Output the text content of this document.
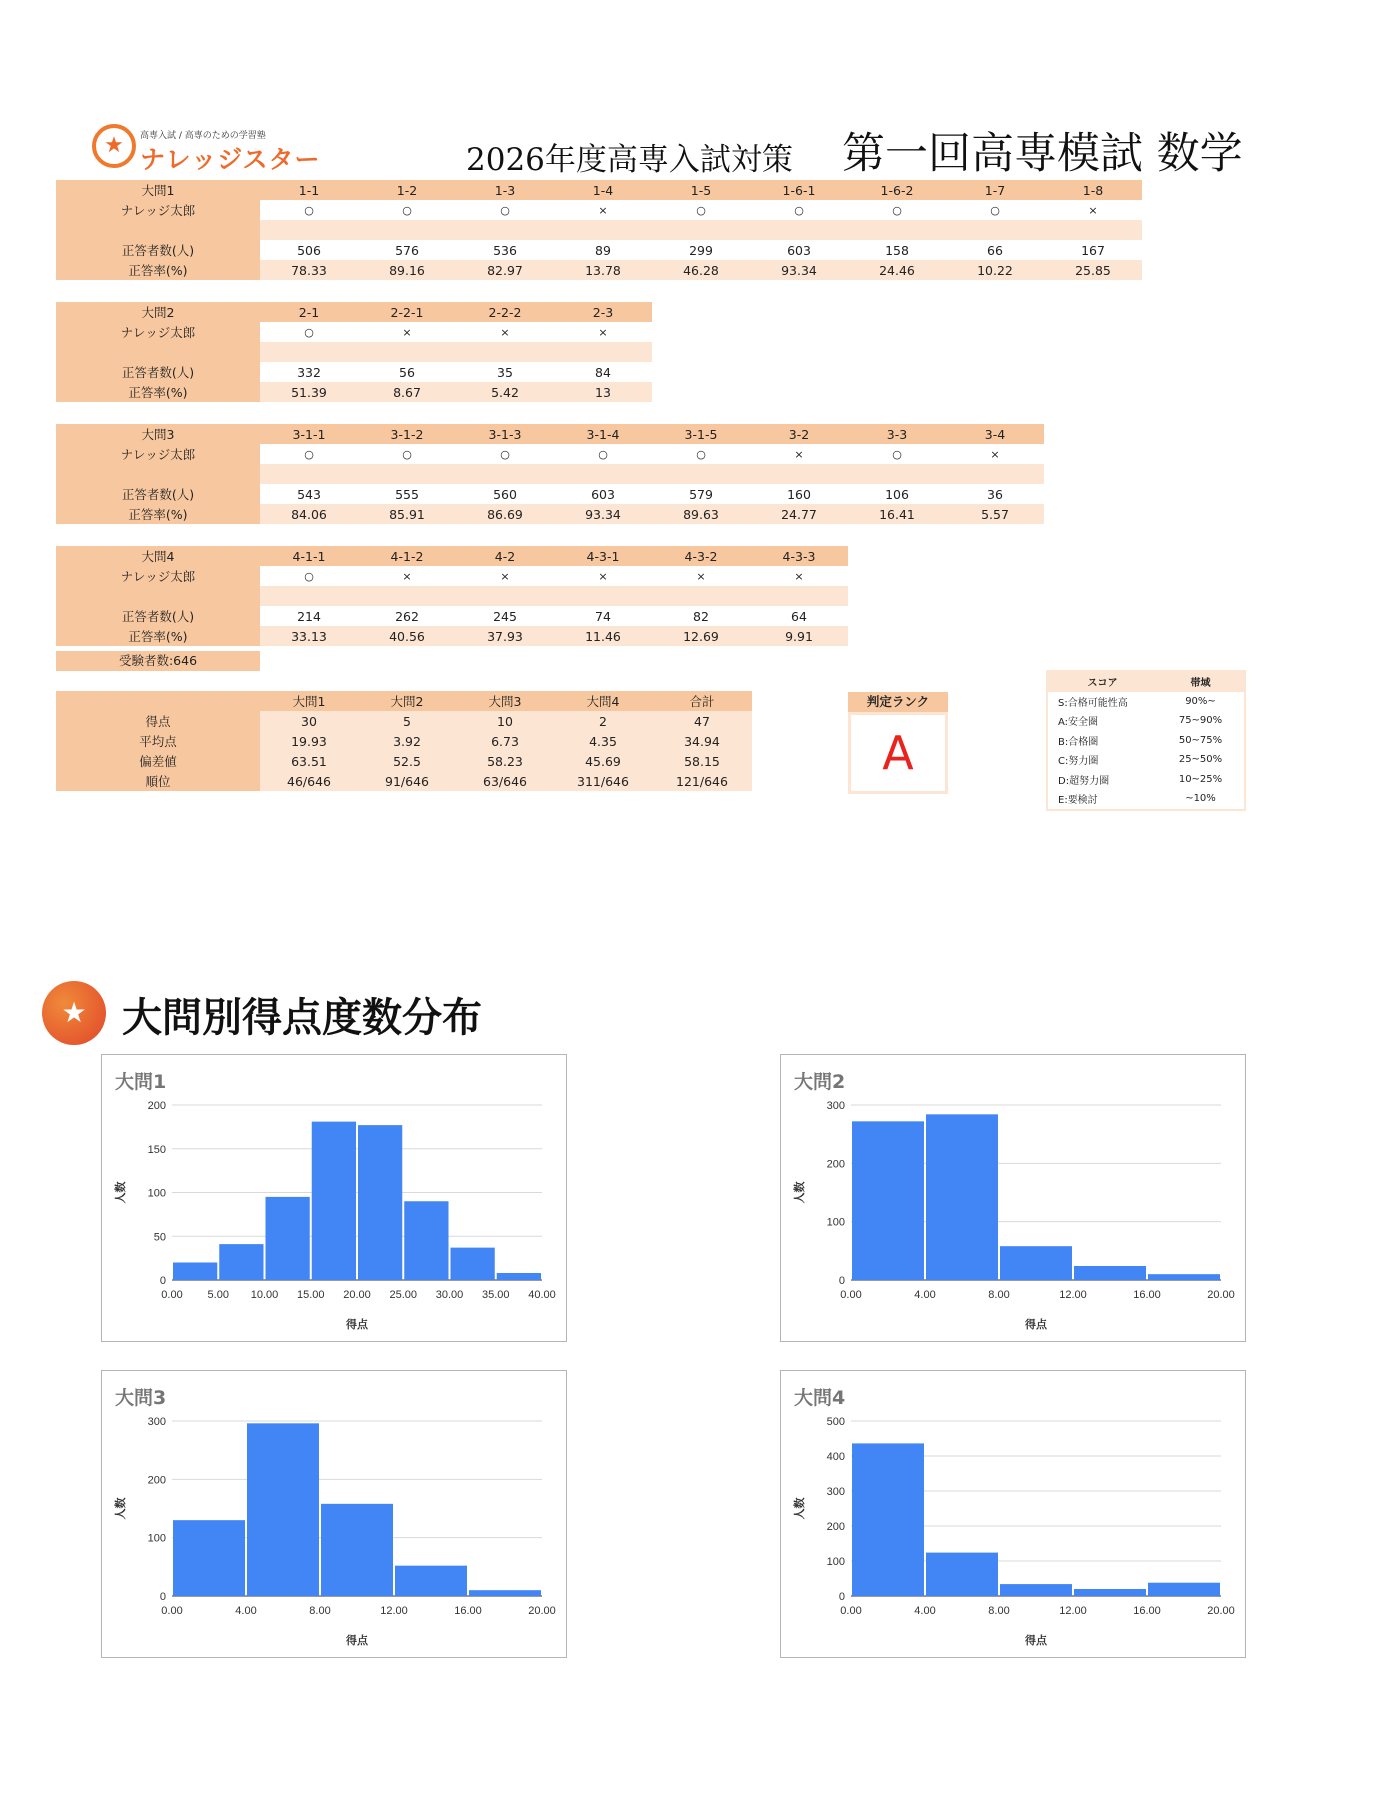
★ 高専入試 / 高専のための学習塾
ナレッジスター	2026年度高専入試対策 第一回高専模試 数学
大問1	1-1	1-2	1-3	1-4	1-5	1-6-1	1-6-2	1-7	1-8
ナレッジ太郎	○	○	○	×	○	○	○	○	×

正答者数(人)	506	576	536	89	299	603	158	66	167
正答率(%)	78.33	89.16	82.97	13.78	46.28	93.34	24.46	10.22	25.85
大問2	2-1	2-2-1	2-2-2	2-3
ナレッジ太郎	○	×	×	×

正答者数(人)	332	56	35	84
正答率(%)	51.39	8.67	5.42	13
大問3	3-1-1	3-1-2	3-1-3	3-1-4	3-1-5	3-2	3-3	3-4
ナレッジ太郎	○	○	○	○	○	×	○	×

正答者数(人)	543	555	560	603	579	160	106	36
正答率(%)	84.06	85.91	86.69	93.34	89.63	24.77	16.41	5.57
大問4	4-1-1	4-1-2	4-2	4-3-1	4-3-2	4-3-3
ナレッジ太郎	○	×	×	×	×	×

正答者数(人)	214	262	245	74	82	64
正答率(%)	33.13	40.56	37.93	11.46	12.69	9.91
受験者数:646
	大問1	大問2	大問3	大問4	合計
得点	30	5	10	2	47
平均点	19.93	3.92	6.73	4.35	34.94
偏差値	63.51	52.5	58.23	45.69	58.15
順位	46/646	91/646	63/646	311/646	121/646
判定ランク
A
スコア	帯域
S:合格可能性高	90%~
A:安全圏	75~90%
B:合格圏	50~75%
C:努力圏	25~50%
D:超努力圏	10~25%
E:要検討	~10%
★ 大問別得点度数分布
大問1
0
50
100
150
200
0.00 5.00 10.00 15.00 20.00 25.00 30.00 35.00 40.00
得点
人数
大問2
0
100
200
300
0.00	4.00	8.00	12.00	16.00	20.00
得点
人数
大問3
0
100
200
300
0.00	4.00	8.00	12.00	16.00	20.00
得点
人数
大問4
0
100
200
300
400
500
0.00	4.00	8.00	12.00	16.00	20.00
得点
人数
